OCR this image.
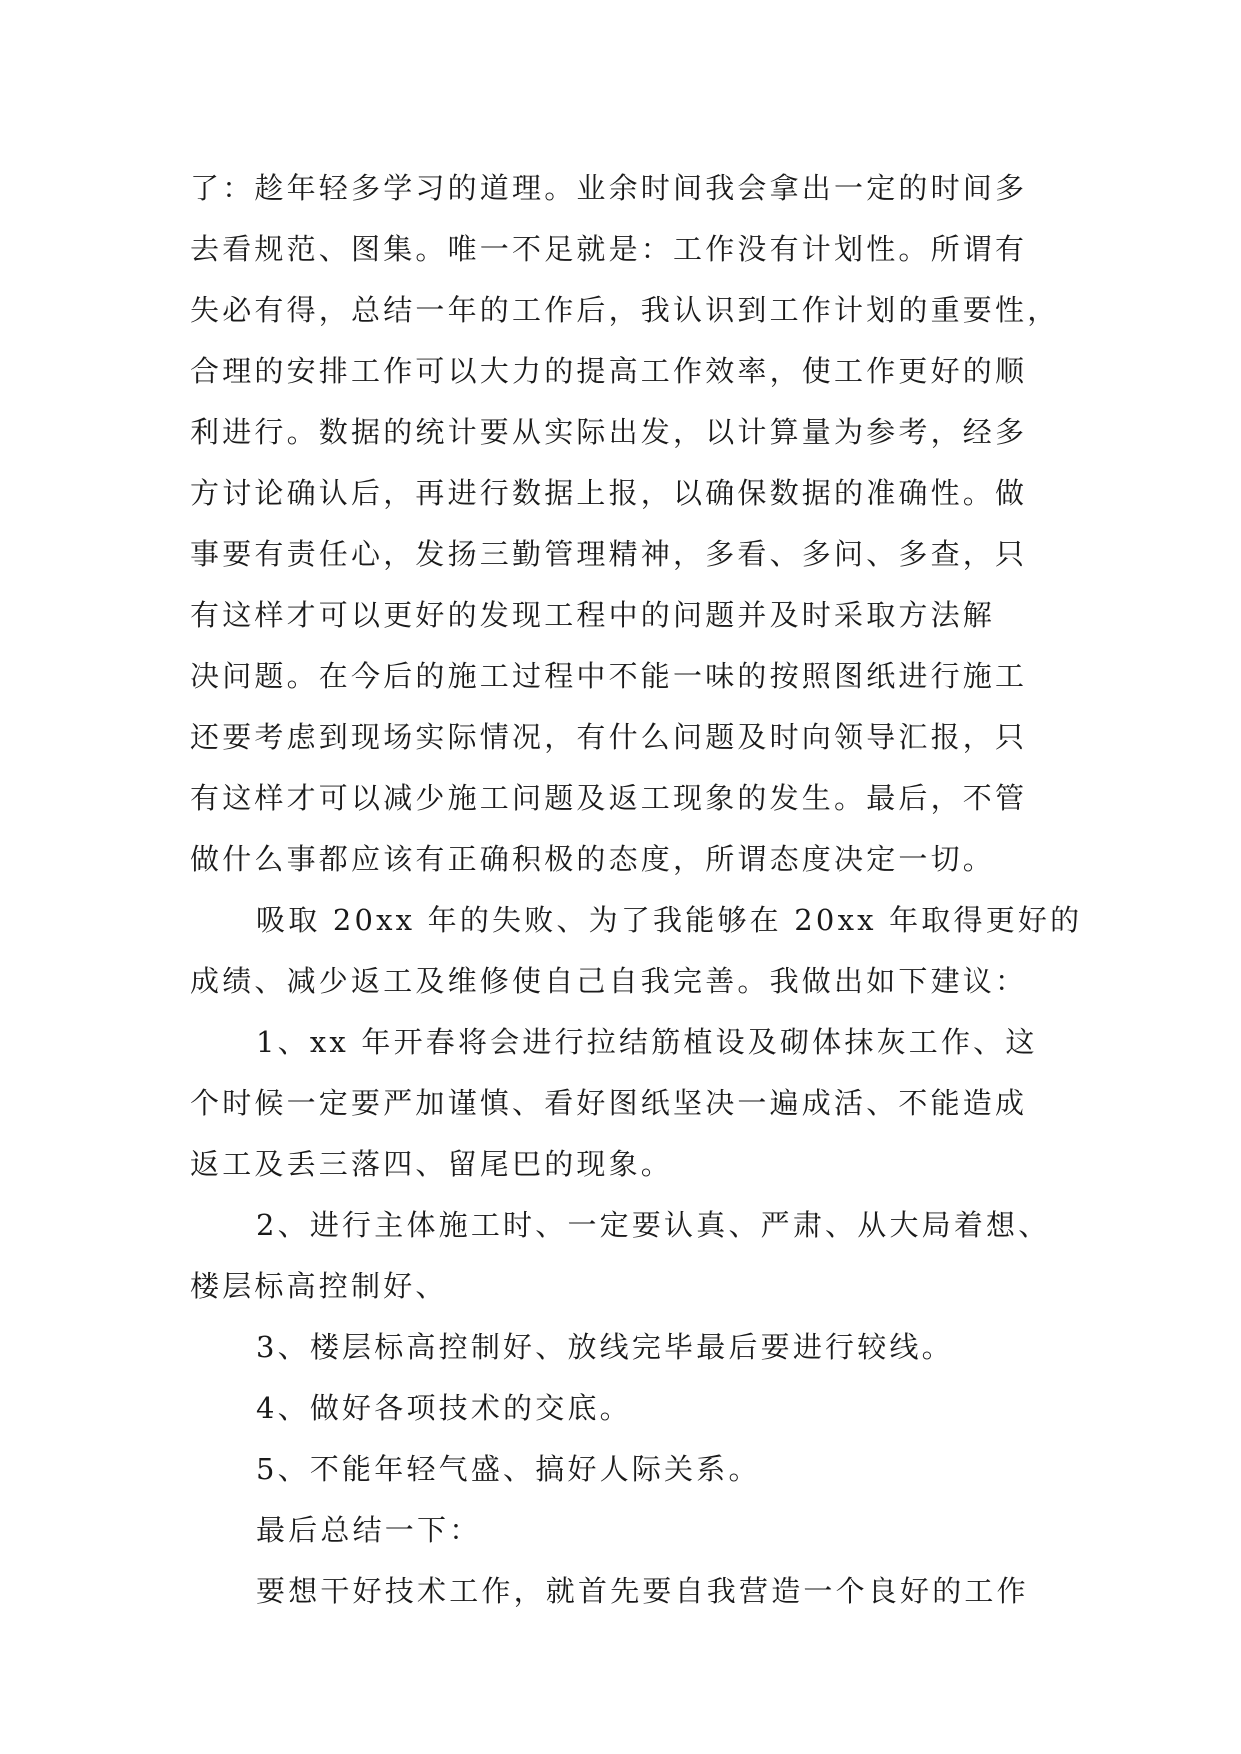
了：趁年轻多学习的道理。业余时间我会拿出一定的时间多
去看规范、图集。唯一不足就是：工作没有计划性。所谓有
失必有得，总结一年的工作后，我认识到工作计划的重要性，
合理的安排工作可以大力的提高工作效率，使工作更好的顺
利进行。数据的统计要从实际出发，以计算量为参考，经多
方讨论确认后，再进行数据上报，以确保数据的准确性。做
事要有责任心，发扬三勤管理精神，多看、多问、多查，只
有这样才可以更好的发现工程中的问题并及时采取方法解
决问题。在今后的施工过程中不能一味的按照图纸进行施工
还要考虑到现场实际情况，有什么问题及时向领导汇报，只
有这样才可以减少施工问题及返工现象的发生。最后，不管
做什么事都应该有正确积极的态度，所谓态度决定一切。
吸取 20xx 年的失败、为了我能够在 20xx 年取得更好的
成绩、减少返工及维修使自己自我完善。我做出如下建议：
1、xx 年开春将会进行拉结筋植设及砌体抹灰工作、这
个时候一定要严加谨慎、看好图纸坚决一遍成活、不能造成
返工及丢三落四、留尾巴的现象。
2、进行主体施工时、一定要认真、严肃、从大局着想、
楼层标高控制好、
3、楼层标高控制好、放线完毕最后要进行较线。
4、做好各项技术的交底。
5、不能年轻气盛、搞好人际关系。
最后总结一下：
要想干好技术工作，就首先要自我营造一个良好的工作
